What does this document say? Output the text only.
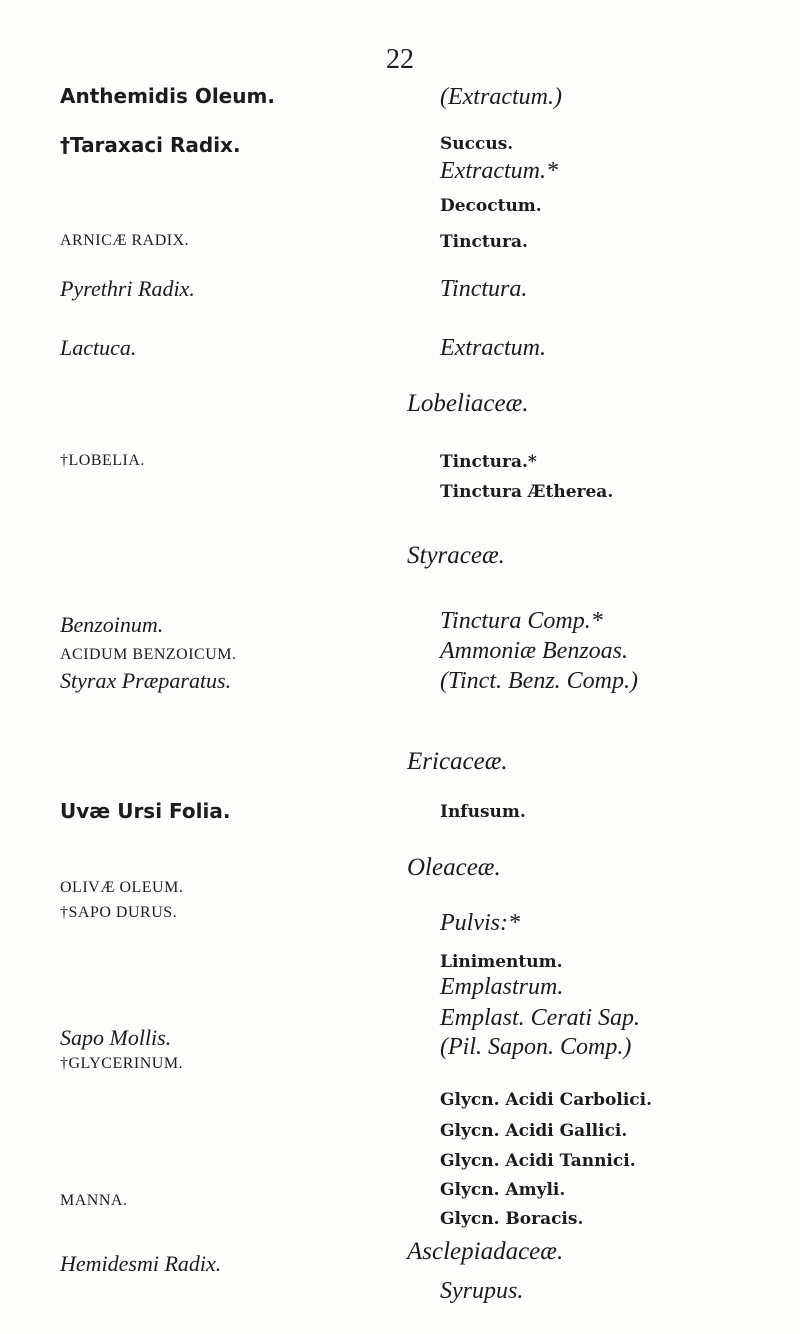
22
Anthemidis Oleum.
†Taraxaci Radix.
ARNICÆ RADIX.
Pyrethri Radix.
Lactuca.
†LOBELIA.
Benzoinum.
ACIDUM BENZOICUM.
Styrax Præparatus.
Uvæ Ursi Folia.
OLIVÆ OLEUM.
†SAPO DURUS.
Sapo Mollis.
†GLYCERINUM.
MANNA.
Hemidesmi Radix.
(Extractum.)
Succus.
Extractum.*
Decoctum.
Tinctura.
Tinctura.
Extractum.
Lobeliaceæ.
Tinctura.*
Tinctura Ætherea.
Styraceæ.
Tinctura Comp.*
Ammoniæ Benzoas.
(Tinct. Benz. Comp.)
Ericaceæ.
Infusum.
Oleaceæ.
Pulvis:*
Linimentum.
Emplastrum.
Emplast. Cerati Sap.
(Pil. Sapon. Comp.)
Glycn. Acidi Carbolici.
Glycn. Acidi Gallici.
Glycn. Acidi Tannici.
Glycn. Amyli.
Glycn. Boracis.
Asclepiadaceæ.
Syrupus.
